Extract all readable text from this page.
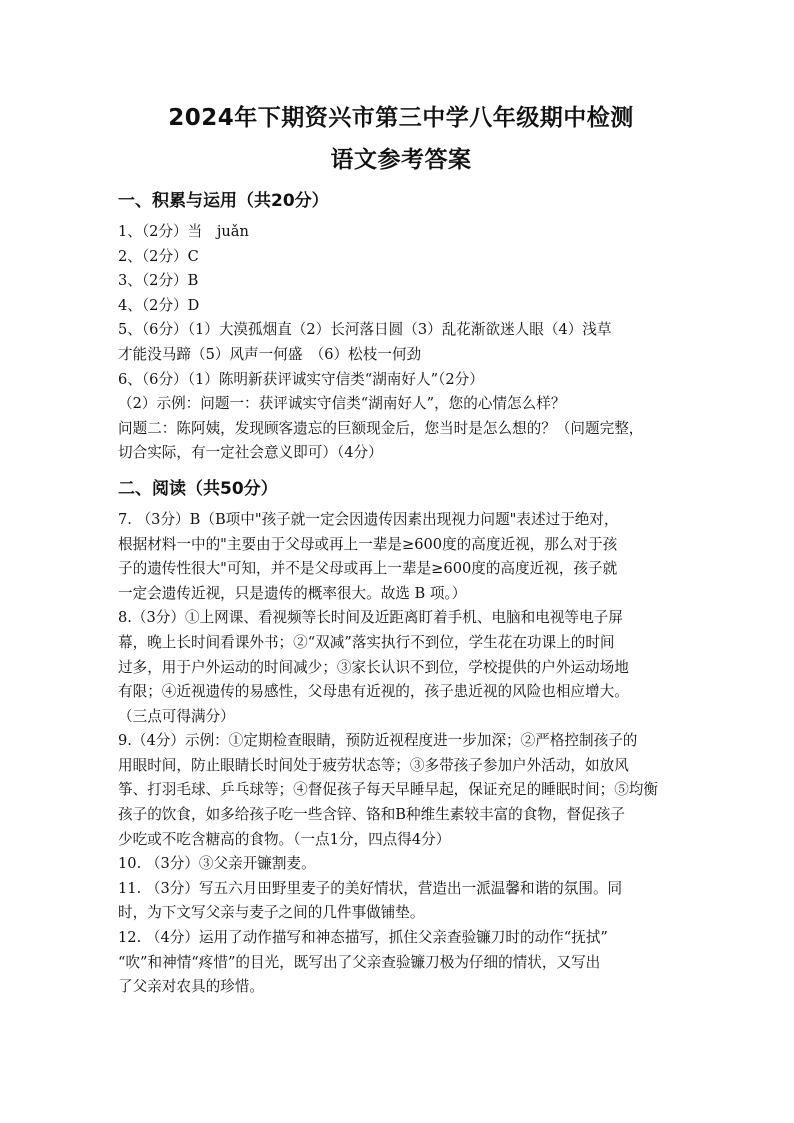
2024年下期资兴市第三中学八年级期中检测
语文参考答案
一、积累与运用（共20分）
1、（2分）当　juǎn
2、（2分）C
3、（2分）B
4、（2分）D
5、（6分）（1）大漠孤烟直（2）长河落日圆（3）乱花渐欲迷人眼（4）浅草
才能没马蹄（5）风声一何盛　（6）松枝一何劲
6、（6分）（1）陈明新获评诚实守信类“湖南好人”（2分）
（2）示例：问题一：获评诚实守信类“湖南好人”，您的心情怎么样？
问题二：陈阿姨，发现顾客遗忘的巨额现金后，您当时是怎么想的？（问题完整，
切合实际，有一定社会意义即可）（4分）
二、阅读（共50分）
7. （3分）B（B项中"孩子就一定会因遗传因素出现视力问题"表述过于绝对，
根据材料一中的"主要由于父母或再上一辈是≥600度的高度近视，那么对于孩
子的遗传性很大"可知，并不是父母或再上一辈是≥600度的高度近视，孩子就
一定会遗传近视，只是遗传的概率很大。故选 B 项。）
8.（3分）①上网课、看视频等长时间及近距离盯着手机、电脑和电视等电子屏
幕，晚上长时间看课外书；②“双减”落实执行不到位，学生花在功课上的时间
过多，用于户外运动的时间减少；③家长认识不到位，学校提供的户外运动场地
有限；④近视遗传的易感性，父母患有近视的，孩子患近视的风险也相应增大。
（三点可得满分）
9.（4分）示例：①定期检查眼睛，预防近视程度进一步加深；②严格控制孩子的
用眼时间，防止眼睛长时间处于疲劳状态等；③多带孩子参加户外活动，如放风
筝、打羽毛球、乒乓球等；④督促孩子每天早睡早起，保证充足的睡眠时间；⑤均衡
孩子的饮食，如多给孩子吃一些含锌、铬和B种维生素较丰富的食物，督促孩子
少吃或不吃含糖高的食物。（一点1分，四点得4分）
10. （3分）③父亲开镰割麦。
11. （3分）写五六月田野里麦子的美好情状，营造出一派温馨和谐的氛围。同
时，为下文写父亲与麦子之间的几件事做铺垫。
12. （4分）运用了动作描写和神态描写，抓住父亲查验镰刀时的动作“抚拭”
“吹”和神情“疼惜”的目光，既写出了父亲查验镰刀极为仔细的情状，又写出
了父亲对农具的珍惜。
